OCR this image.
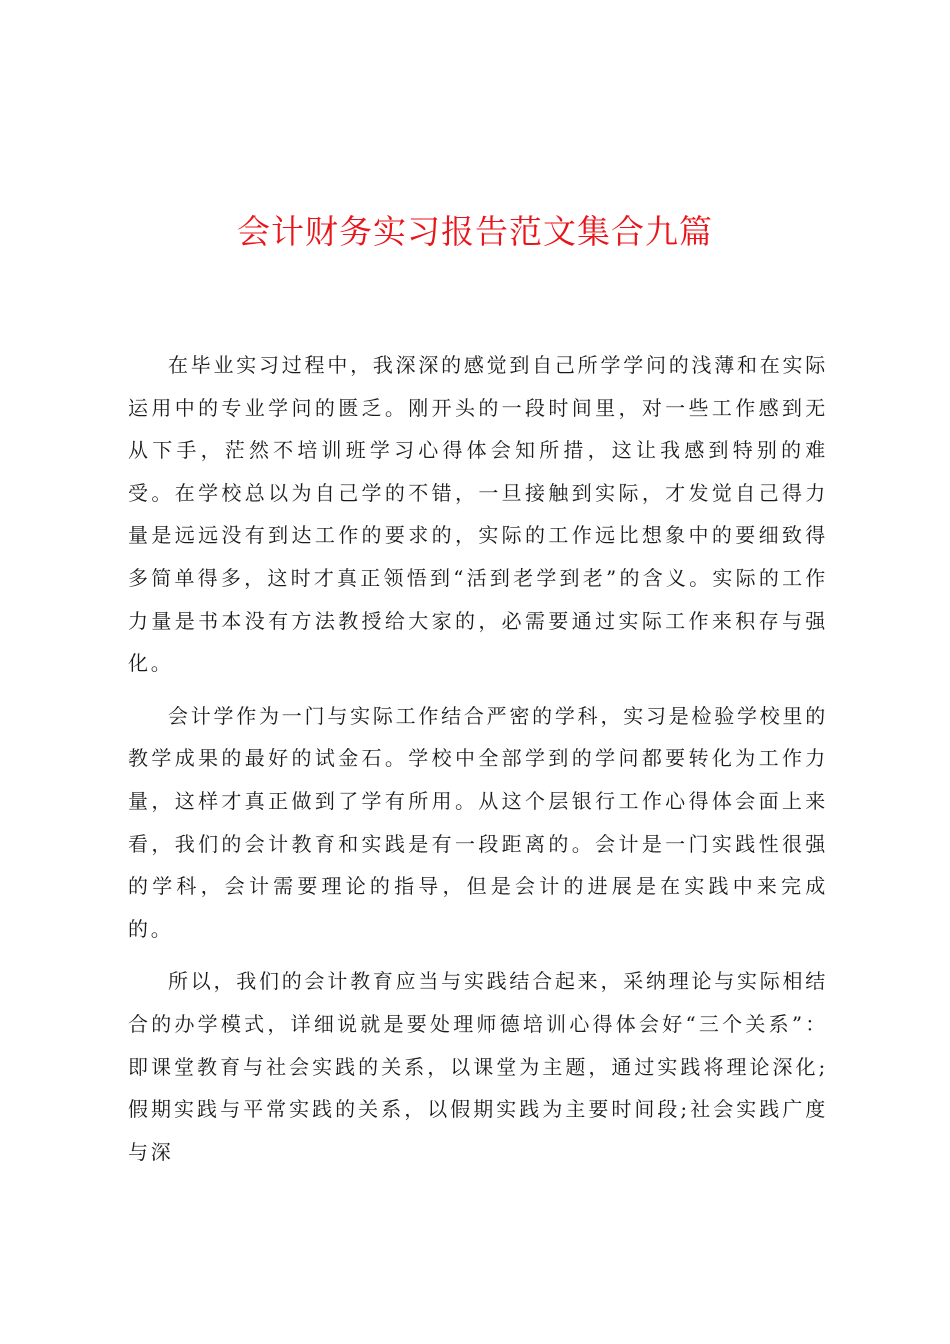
会计财务实习报告范文集合九篇

在毕业实习过程中，我深深的感觉到自己所学学问的浅薄和在实际运用中的专业学问的匮乏。刚开头的一段时间里，对一些工作感到无从下手，茫然不培训班学习心得体会知所措，这让我感到特别的难受。在学校总以为自己学的不错，一旦接触到实际，才发觉自己得力量是远远没有到达工作的要求的，实际的工作远比想象中的要细致得多简单得多，这时才真正领悟到“活到老学到老”的含义。实际的工作力量是书本没有方法教授给大家的，必需要通过实际工作来积存与强化。

会计学作为一门与实际工作结合严密的学科，实习是检验学校里的教学成果的最好的试金石。学校中全部学到的学问都要转化为工作力量，这样才真正做到了学有所用。从这个层银行工作心得体会面上来看，我们的会计教育和实践是有一段距离的。会计是一门实践性很强的学科，会计需要理论的指导，但是会计的进展是在实践中来完成的。

所以，我们的会计教育应当与实践结合起来，采纳理论与实际相结合的办学模式，详细说就是要处理师德培训心得体会好“三个关系”：即课堂教育与社会实践的关系，以课堂为主题，通过实践将理论深化;假期实践与平常实践的关系，以假期实践为主要时间段;社会实践广度与深
